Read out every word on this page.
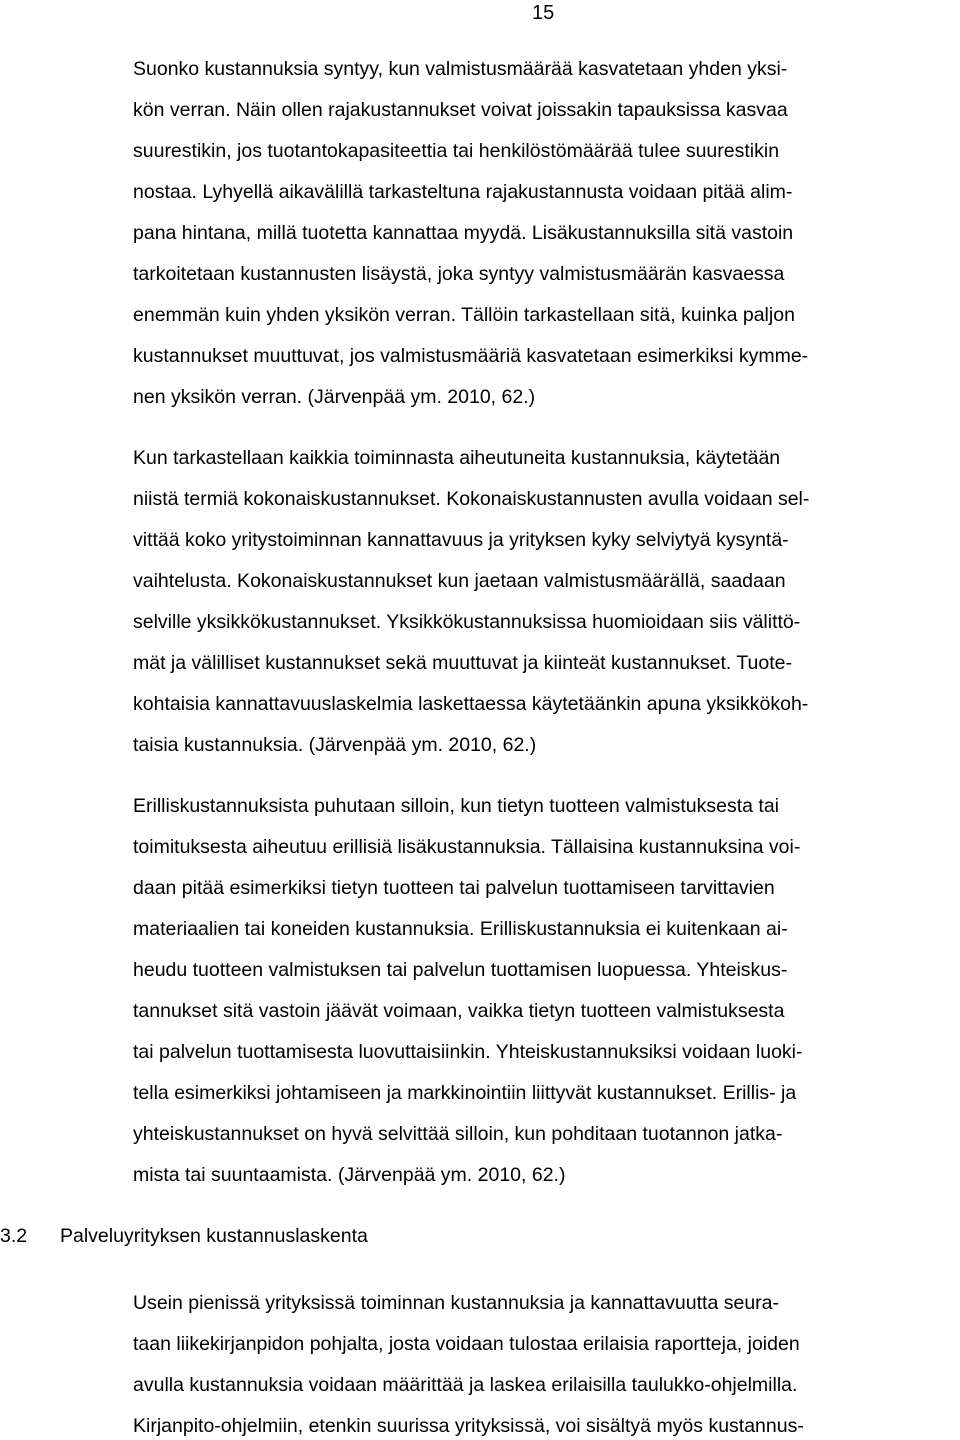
15
Suonko kustannuksia syntyy, kun valmistusmäärää kasvatetaan yhden yksi-
kön verran. Näin ollen rajakustannukset voivat joissakin tapauksissa kasvaa
suurestikin, jos tuotantokapasiteettia tai henkilöstömäärää tulee suurestikin
nostaa. Lyhyellä aikavälillä tarkasteltuna rajakustannusta voidaan pitää alim-
pana hintana, millä tuotetta kannattaa myydä. Lisäkustannuksilla sitä vastoin
tarkoitetaan kustannusten lisäystä, joka syntyy valmistusmäärän kasvaessa
enemmän kuin yhden yksikön verran. Tällöin tarkastellaan sitä, kuinka paljon
kustannukset muuttuvat, jos valmistusmääriä kasvatetaan esimerkiksi kymme-
nen yksikön verran. (Järvenpää ym. 2010, 62.)
Kun tarkastellaan kaikkia toiminnasta aiheutuneita kustannuksia, käytetään
niistä termiä kokonaiskustannukset. Kokonaiskustannusten avulla voidaan sel-
vittää koko yritystoiminnan kannattavuus ja yrityksen kyky selviytyä kysyntä-
vaihtelusta. Kokonaiskustannukset kun jaetaan valmistusmäärällä, saadaan
selville yksikkökustannukset. Yksikkökustannuksissa huomioidaan siis välittö-
mät ja välilliset kustannukset sekä muuttuvat ja kiinteät kustannukset. Tuote-
kohtaisia kannattavuuslaskelmia laskettaessa käytetäänkin apuna yksikkökoh-
taisia kustannuksia. (Järvenpää ym. 2010, 62.)
Erilliskustannuksista puhutaan silloin, kun tietyn tuotteen valmistuksesta tai
toimituksesta aiheutuu erillisiä lisäkustannuksia. Tällaisina kustannuksina voi-
daan pitää esimerkiksi tietyn tuotteen tai palvelun tuottamiseen tarvittavien
materiaalien tai koneiden kustannuksia. Erilliskustannuksia ei kuitenkaan ai-
heudu tuotteen valmistuksen tai palvelun tuottamisen luopuessa. Yhteiskus-
tannukset sitä vastoin jäävät voimaan, vaikka tietyn tuotteen valmistuksesta
tai palvelun tuottamisesta luovuttaisiinkin. Yhteiskustannuksiksi voidaan luoki-
tella esimerkiksi johtamiseen ja markkinointiin liittyvät kustannukset. Erillis- ja
yhteiskustannukset on hyvä selvittää silloin, kun pohditaan tuotannon jatka-
mista tai suuntaamista. (Järvenpää ym. 2010, 62.)
3.2 Palveluyrityksen kustannuslaskenta
Usein pienissä yrityksissä toiminnan kustannuksia ja kannattavuutta seura-
taan liikekirjanpidon pohjalta, josta voidaan tulostaa erilaisia raportteja, joiden
avulla kustannuksia voidaan määrittää ja laskea erilaisilla taulukko-ohjelmilla.
Kirjanpito-ohjelmiin, etenkin suurissa yrityksissä, voi sisältyä myös kustannus-
